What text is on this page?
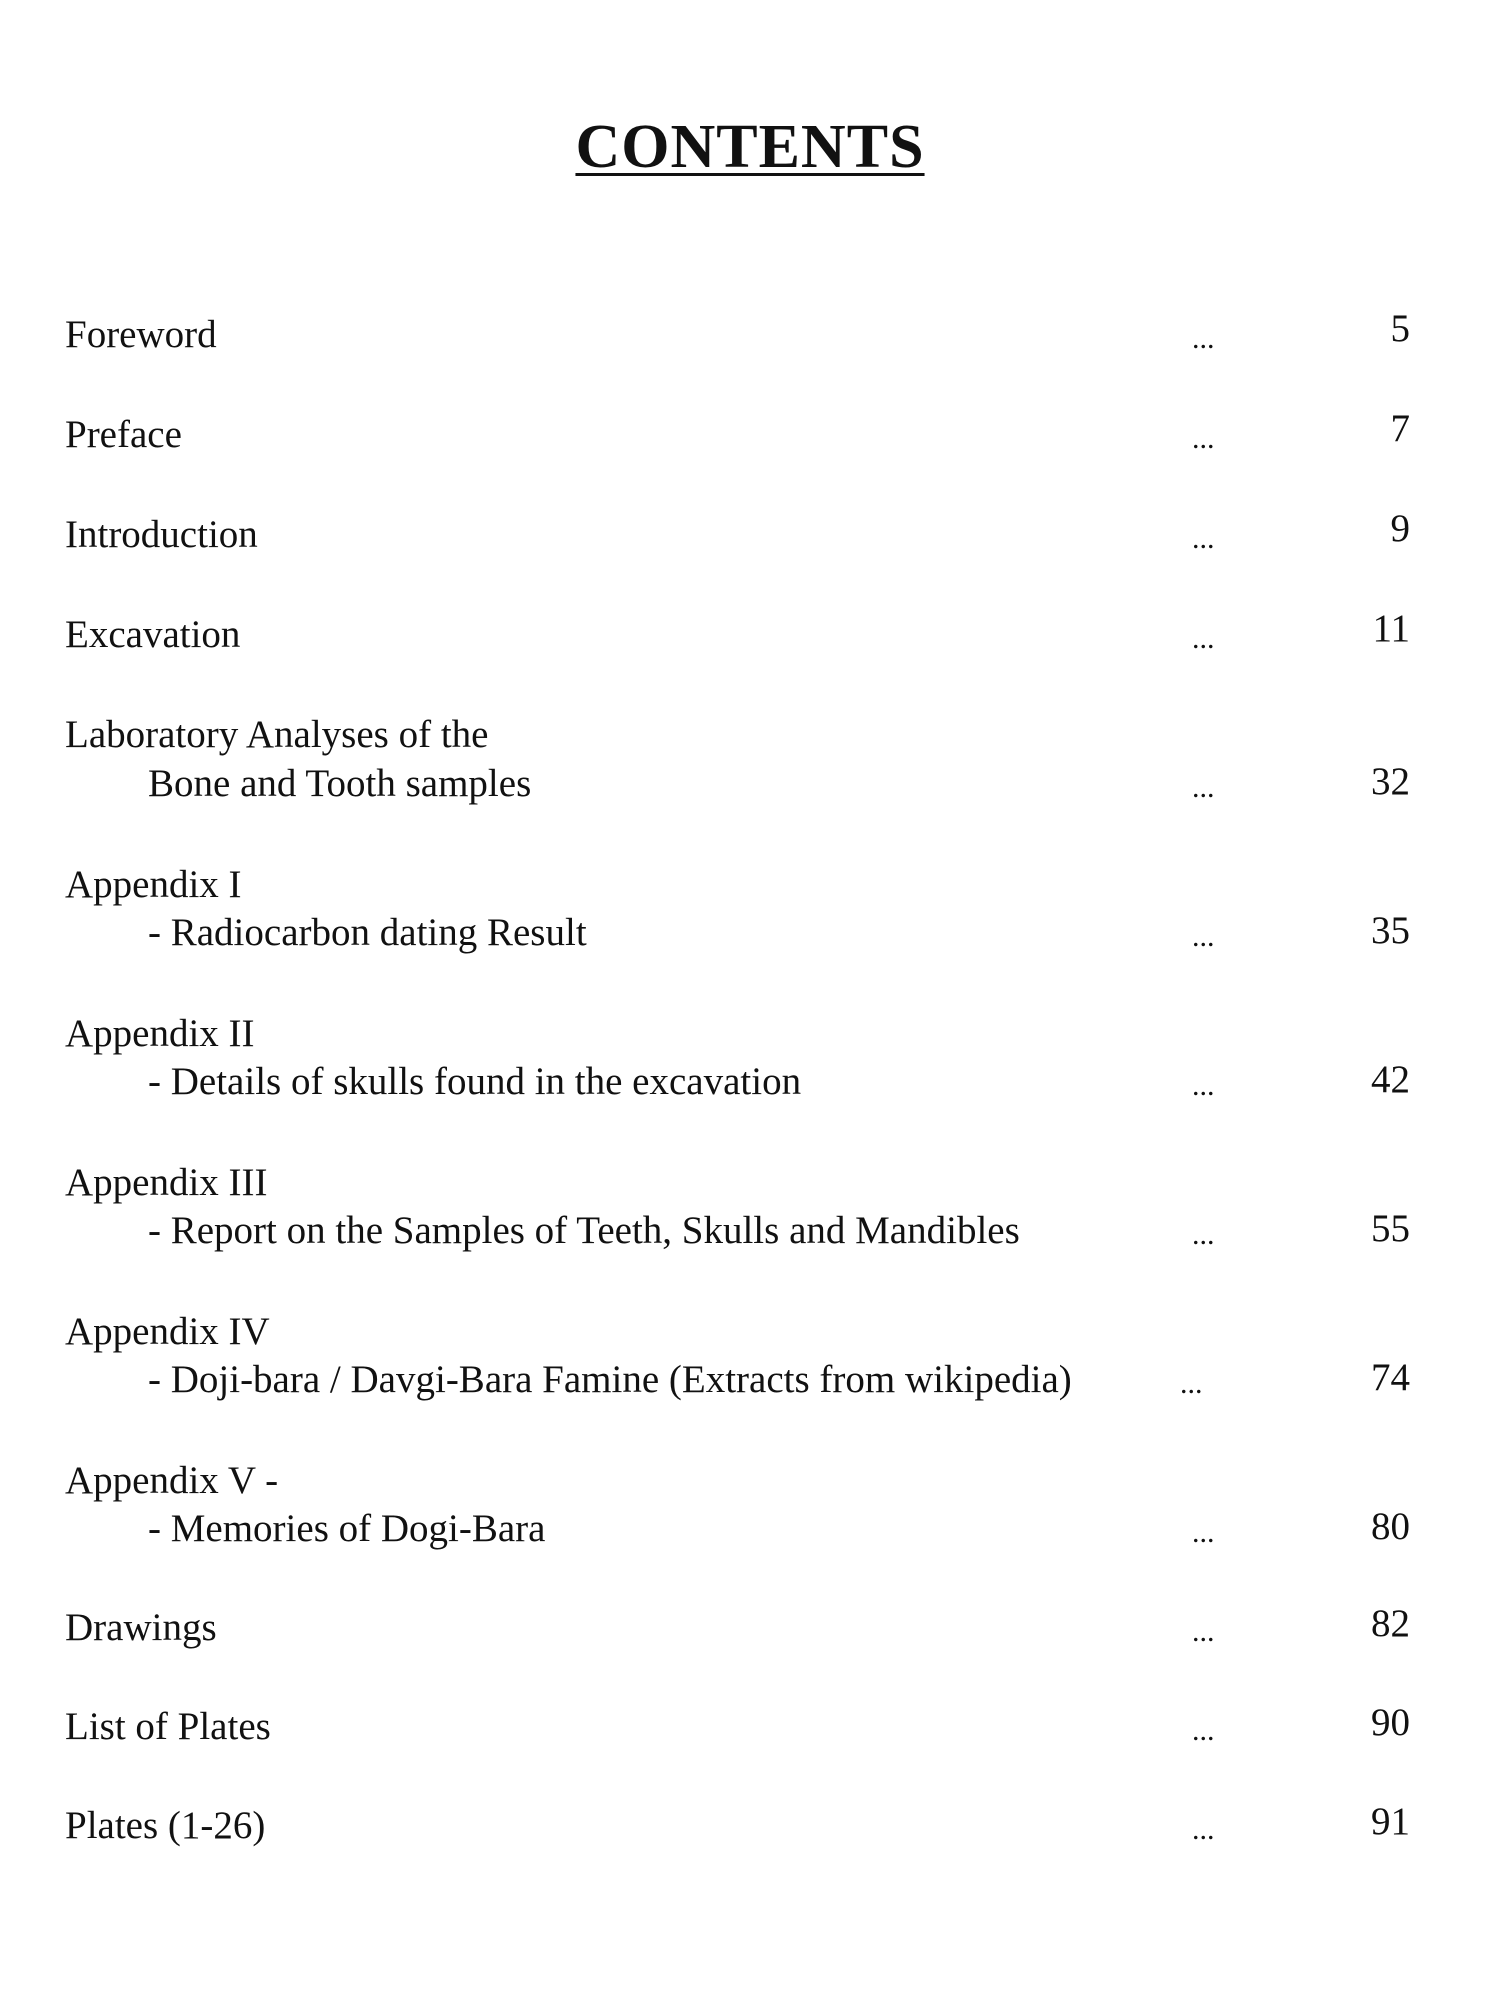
CONTENTS
Foreword	...	5
Preface	...	7
Introduction	...	9
Excavation	...	11
Laboratory Analyses of the
Bone and Tooth samples	...	32
Appendix I
- Radiocarbon dating Result	...	35
Appendix II
- Details of skulls found in the excavation	...	42
Appendix III
- Report on the Samples of Teeth, Skulls and Mandibles	...	55
Appendix IV
- Doji-bara / Davgi-Bara Famine (Extracts from wikipedia)	...	74
Appendix V -
- Memories of Dogi-Bara	...	80
Drawings	...	82
List of Plates	...	90
Plates (1-26)	...	91
